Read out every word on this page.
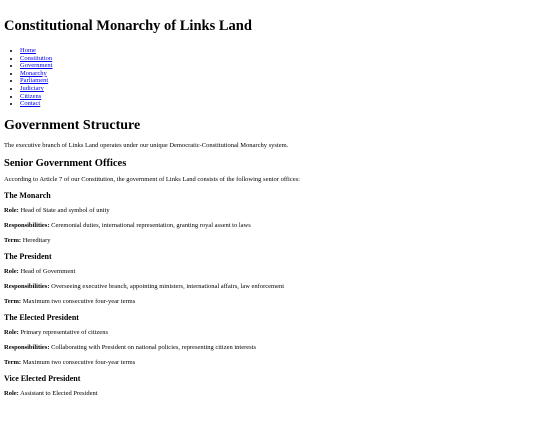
Constitutional Monarchy of Links Land
• Home
• Constitution
• Government
• Monarchy
• Parliament
• Judiciary
• Citizens
• Contact
Government Structure

The executive branch of Links Land operates under our unique Democratic-Constitutional Monarchy system.

Senior Government Offices

According to Article 7 of our Constitution, the government of Links Land consists of the following senior offices:

The Monarch

Role: Head of State and symbol of unity

Responsibilities: Ceremonial duties, international representation, granting royal assent to laws

Term: Hereditary

The President

Role: Head of Government

Responsibilities: Overseeing executive branch, appointing ministers, international affairs, law enforcement

Term: Maximum two consecutive four-year terms

The Elected President

Role: Primary representative of citizens

Responsibilities: Collaborating with President on national policies, representing citizen interests

Term: Maximum two consecutive four-year terms

Vice Elected President

Role: Assistant to Elected President
